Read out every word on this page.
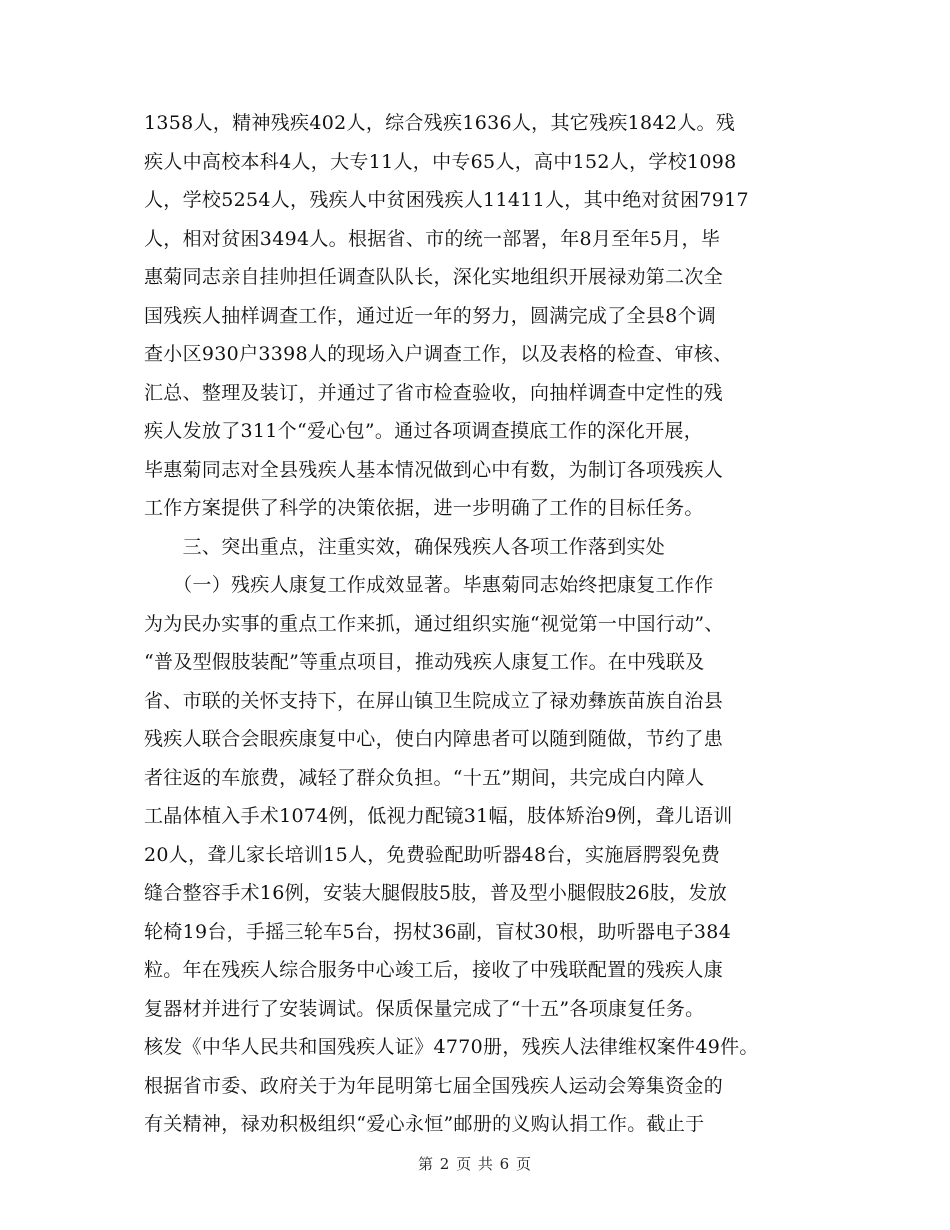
1358人，精神残疾402人，综合残疾1636人，其它残疾1842人。残
疾人中高校本科4人，大专11人，中专65人，高中152人，学校1098
人，学校5254人，残疾人中贫困残疾人11411人，其中绝对贫困7917
人，相对贫困3494人。根据省、市的统一部署，年8月至年5月，毕
惠菊同志亲自挂帅担任调查队队长，深化实地组织开展禄劝第二次全
国残疾人抽样调查工作，通过近一年的努力，圆满完成了全县8个调
查小区930户3398人的现场入户调查工作，以及表格的检查、审核、
汇总、整理及装订，并通过了省市检查验收，向抽样调查中定性的残
疾人发放了311个“爱心包”。通过各项调查摸底工作的深化开展，
毕惠菊同志对全县残疾人基本情况做到心中有数，为制订各项残疾人
工作方案提供了科学的决策依据，进一步明确了工作的目标任务。
　　三、突出重点，注重实效，确保残疾人各项工作落到实处
　　（一）残疾人康复工作成效显著。毕惠菊同志始终把康复工作作
为为民办实事的重点工作来抓，通过组织实施“视觉第一中国行动”、
“普及型假肢装配”等重点项目，推动残疾人康复工作。在中残联及
省、市联的关怀支持下，在屏山镇卫生院成立了禄劝彝族苗族自治县
残疾人联合会眼疾康复中心，使白内障患者可以随到随做，节约了患
者往返的车旅费，减轻了群众负担。“十五”期间，共完成白内障人
工晶体植入手术1074例，低视力配镜31幅，肢体矫治9例，聋儿语训
20人，聋儿家长培训15人，免费验配助听器48台，实施唇腭裂免费
缝合整容手术16例，安装大腿假肢5肢，普及型小腿假肢26肢，发放
轮椅19台，手摇三轮车5台，拐杖36副，盲杖30根，助听器电子384
粒。年在残疾人综合服务中心竣工后，接收了中残联配置的残疾人康
复器材并进行了安装调试。保质保量完成了“十五”各项康复任务。
核发《中华人民共和国残疾人证》4770册，残疾人法律维权案件49件。
根据省市委、政府关于为年昆明第七届全国残疾人运动会筹集资金的
有关精神，禄劝积极组织“爱心永恒”邮册的义购认捐工作。截止于
第 2 页 共 6 页
